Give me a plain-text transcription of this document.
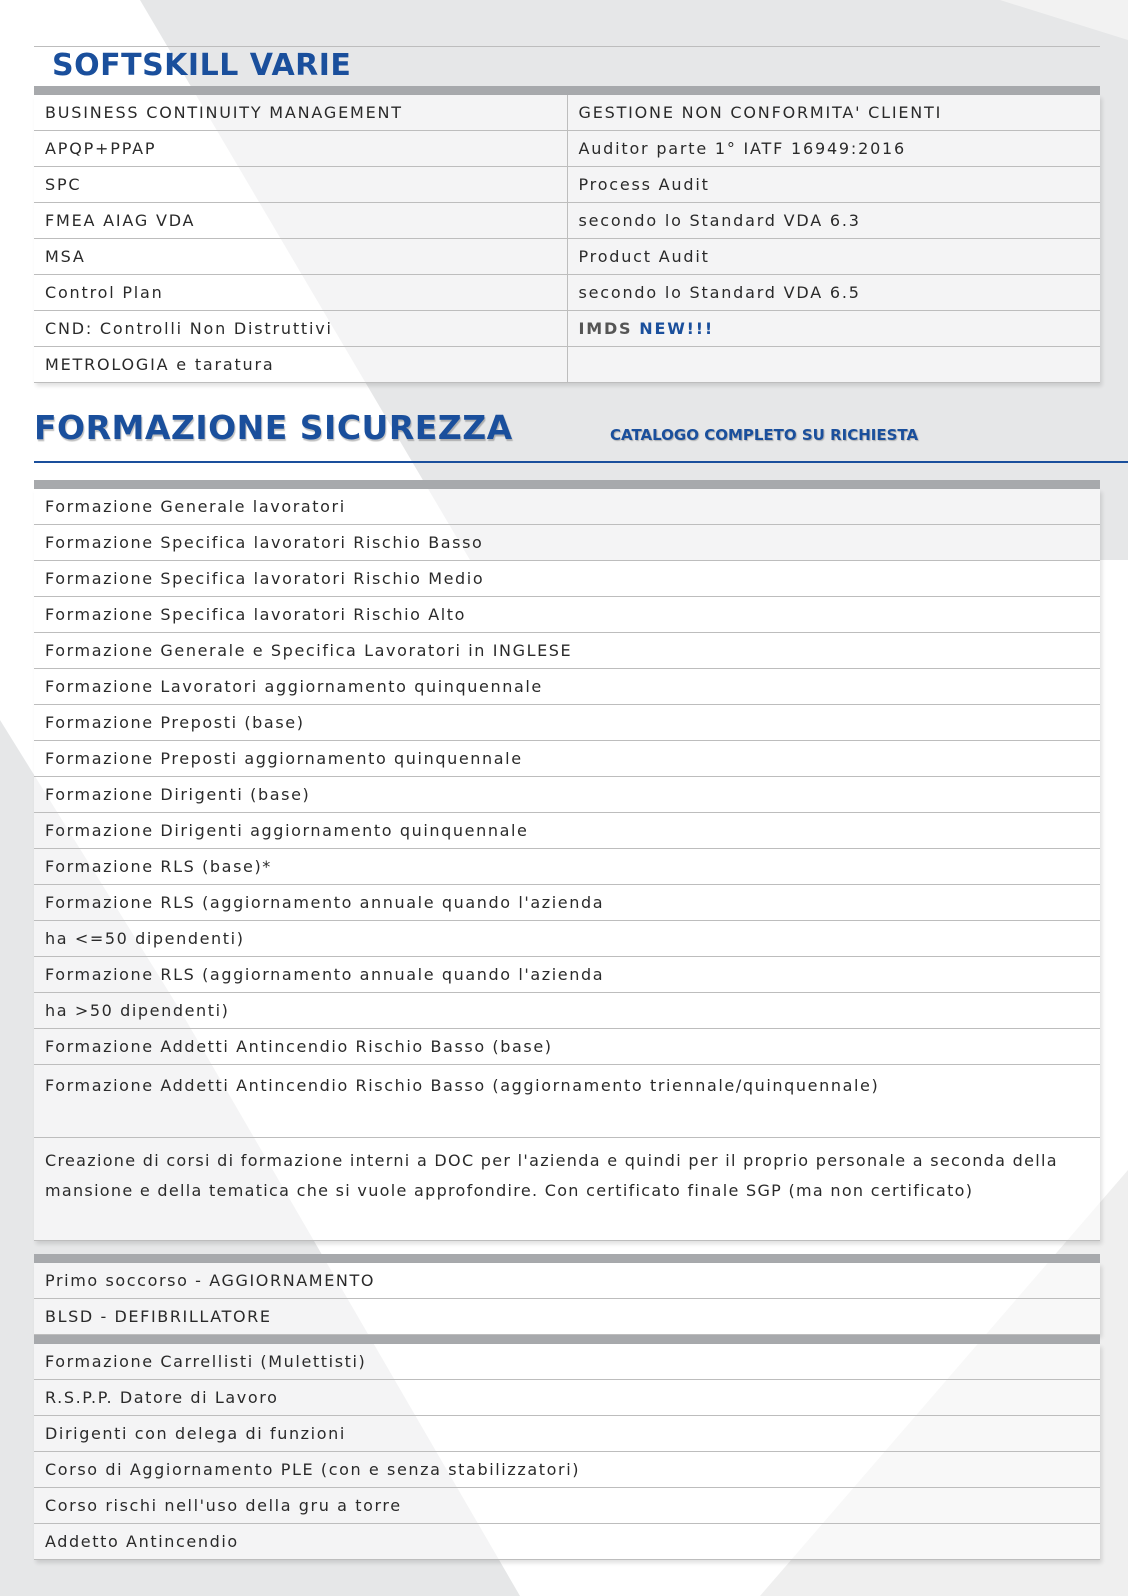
SOFTSKILL VARIE
BUSINESS CONTINUITY MANAGEMENT	GESTIONE NON CONFORMITA' CLIENTI
APQP+PPAP	Auditor parte 1° IATF 16949:2016
SPC	Process Audit
FMEA AIAG VDA	secondo lo Standard VDA 6.3
MSA	Product Audit
Control Plan	secondo lo Standard VDA 6.5
CND: Controlli Non Distruttivi	IMDS NEW!!!
METROLOGIA e taratura	
FORMAZIONE SICUREZZA	CATALOGO COMPLETO SU RICHIESTA
Formazione Generale lavoratori
Formazione Specifica lavoratori Rischio Basso
Formazione Specifica lavoratori Rischio Medio
Formazione Specifica lavoratori Rischio Alto
Formazione Generale e Specifica Lavoratori in INGLESE
Formazione Lavoratori aggiornamento quinquennale
Formazione Preposti (base)
Formazione Preposti aggiornamento quinquennale
Formazione Dirigenti (base)
Formazione Dirigenti aggiornamento quinquennale
Formazione RLS (base)*
Formazione RLS (aggiornamento annuale quando l'azienda
ha <=50 dipendenti)
Formazione RLS (aggiornamento annuale quando l'azienda
ha >50 dipendenti)
Formazione Addetti Antincendio Rischio Basso (base)
Formazione Addetti Antincendio Rischio Basso (aggiornamento triennale/quinquennale)
Creazione di corsi di formazione interni a DOC per l'azienda e quindi per il proprio personale a seconda della mansione e della tematica che si vuole approfondire. Con certificato finale SGP (ma non certificato)
Primo soccorso - AGGIORNAMENTO
BLSD - DEFIBRILLATORE
Formazione Carrellisti (Mulettisti)
R.S.P.P. Datore di Lavoro
Dirigenti con delega di funzioni
Corso di Aggiornamento PLE (con e senza stabilizzatori)
Corso rischi nell'uso della gru a torre
Addetto Antincendio
